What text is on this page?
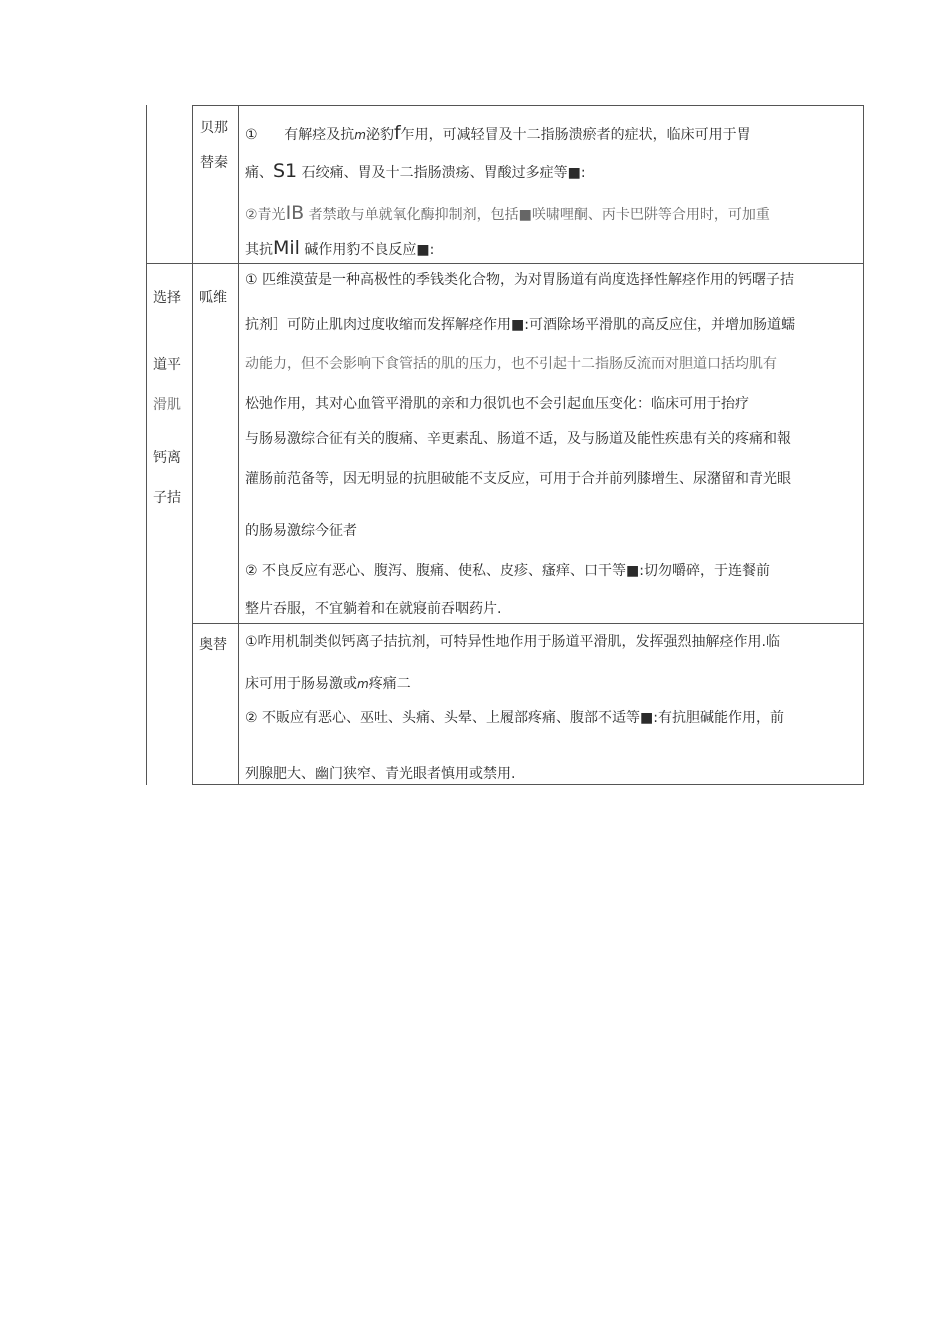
贝那
替秦
① 有解痉及抗m泌豹f乍用，可减轻冒及十二指肠溃瘀者的症状，临床可用于胃
痛、S1 石绞痛、胃及十二指肠溃疡、胃酸过多症等■:
②青光IB 者禁敢与单就氧化酶抑制剂，包括■咲啸哩酮、丙卡巴阱等合用时，可加重
其抗Mil 碱作用豹不良反应■:
选择
道平
滑肌
钙离
子拮
呱维
① 匹维漠萤是一种高极性的季钱类化合物，为对胃肠道有尚度选择性解痉作用的钙曙子拮
抗剂］可防止肌肉过度收缩而发挥解痉作用■:可酒除场平滑肌的高反应住，并增加肠道蠕
动能力，但不会影响下食管括的肌的压力，也不引起十二指肠反流而对胆道口括均肌有
松弛作用，其对心血管平滑肌的亲和力很饥也不会引起血压变化：临床可用于抬疗
与肠易激综合征有关的腹痛、辛更素乱、肠道不适，及与肠道及能性疾患有关的疼痛和報
灌肠前范备等，因无明显的抗胆破能不支反应，可用于合并前列膝增生、尿潴留和青光眼
的肠易激综今征者
② 不良反应有恶心、腹泻、腹痛、使私、皮疹、瘙痒、口干等■:切勿嚼碎，于连餐前
整片吞服，不宜躺着和在就寢前吞咽药片.
奥替 ①咋用机制类似钙离子拮抗剂，可特异性地作用于肠道平滑肌，发挥强烈抽解痉作用.临
床可用于肠易激或m疼痛二
② 不販应有恶心、巫吐、头痛、头晕、上履部疼痛、腹部不适等■:有抗胆碱能作用，前
列腺肥大、幽门狭窄、青光眼者慎用或禁用.
